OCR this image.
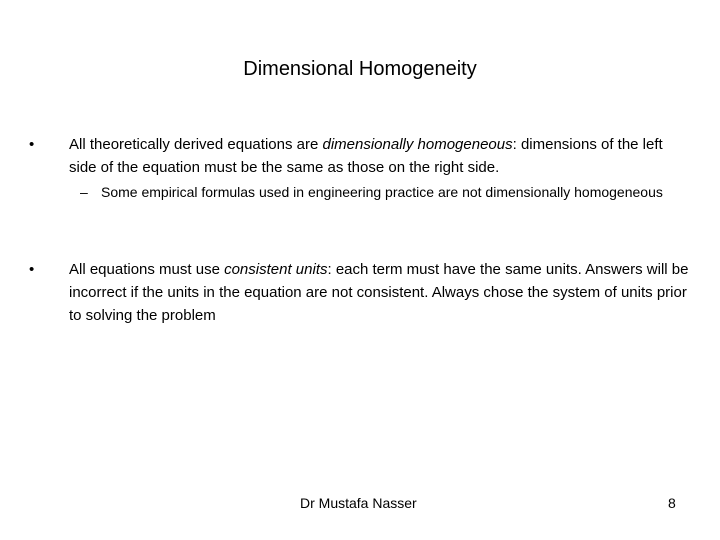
Dimensional Homogeneity
• All theoretically derived equations are dimensionally homogeneous: dimensions of the left side of the equation must be the same as those on the right side.
– Some empirical formulas used in engineering practice are not dimensionally homogeneous
• All equations must use consistent units: each term must have the same units. Answers will be incorrect if the units in the equation are not consistent. Always chose the system of units prior to solving the problem
Dr Mustafa Nasser	8
